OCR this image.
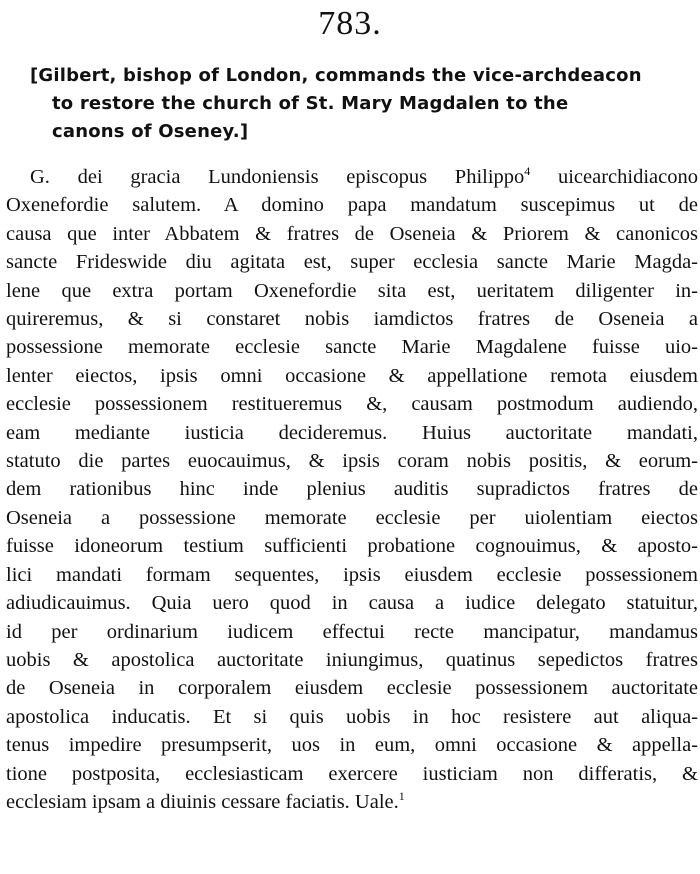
783.
[Gilbert, bishop of London, commands the vice-archdeacon
to restore the church of St. Mary Magdalen to the
canons of Oseney.]
G. dei gracia Lundoniensis episcopus Philippo$^4$ uicearchidiacono
Oxenefordie salutem. A domino papa mandatum suscepimus ut de
causa que inter Abbatem & fratres de Oseneia & Priorem & canonicos
sancte Frideswide diu agitata est, super ecclesia sancte Marie Magda-
lene que extra portam Oxenefordie sita est, ueritatem diligenter in-
quireremus, & si constaret nobis iamdictos fratres de Oseneia a
possessione memorate ecclesie sancte Marie Magdalene fuisse uio-
lenter eiectos, ipsis omni occasione & appellatione remota eiusdem
ecclesie possessionem restitueremus &, causam postmodum audiendo,
eam mediante iusticia decideremus. Huius auctoritate mandati,
statuto die partes euocauimus, & ipsis coram nobis positis, & eorum-
dem rationibus hinc inde plenius auditis supradictos fratres de
Oseneia a possessione memorate ecclesie per uiolentiam eiectos
fuisse idoneorum testium sufficienti probatione cognouimus, & aposto-
lici mandati formam sequentes, ipsis eiusdem ecclesie possessionem
adiudicauimus. Quia uero quod in causa a iudice delegato statuitur,
id per ordinarium iudicem effectui recte mancipatur, mandamus
uobis & apostolica auctoritate iniungimus, quatinus sepedictos fratres
de Oseneia in corporalem eiusdem ecclesie possessionem auctoritate
apostolica inducatis. Et si quis uobis in hoc resistere aut aliqua-
tenus impedire presumpserit, uos in eum, omni occasione & appella-
tione postposita, ecclesiasticam exercere iusticiam non differatis, &
ecclesiam ipsam a diuinis cessare faciatis. Uale.$^1$
